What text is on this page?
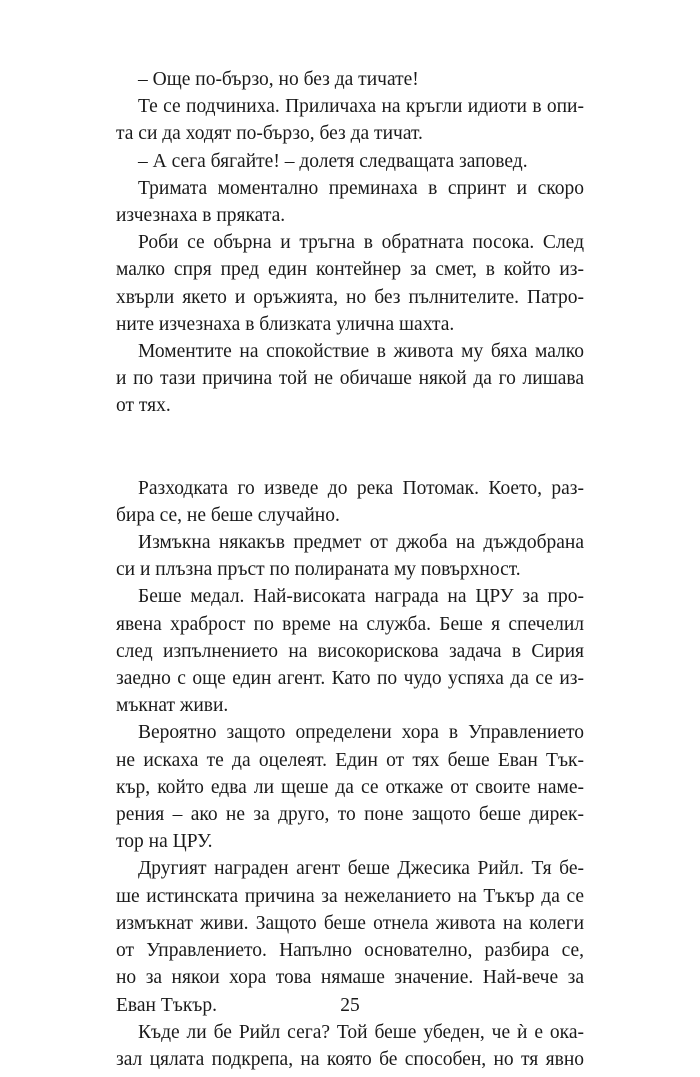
– Още по-бързо, но без да тичате!

Те се подчиниха. Приличаха на кръгли идиоти в опи-
та си да ходят по-бързо, без да тичат.

– А сега бягайте! – долетя следващата заповед.

Тримата моментално преминаха в спринт и скоро
изчезнаха в пряката.

Роби се обърна и тръгна в обратната посока. След
малко спря пред един контейнер за смет, в който из-
хвърли якето и оръжията, но без пълнителите. Патро-
ните изчезнаха в близката улична шахта.

Моментите на спокойствие в живота му бяха малко
и по тази причина той не обичаше някой да го лишава
от тях.

Разходката го изведе до река Потомак. Което, раз-
бира се, не беше случайно.

Измъкна някакъв предмет от джоба на дъждобрана
си и плъзна пръст по полираната му повърхност.

Беше медал. Най-високата награда на ЦРУ за про-
явена храброст по време на служба. Беше я спечелил
след изпълнението на високорискова задача в Сирия
заедно с още един агент. Като по чудо успяха да се из-
мъкнат живи.

Вероятно защото определени хора в Управлението
не искаха те да оцелеят. Един от тях беше Еван Тък-
кър, който едва ли щеше да се откаже от своите наме-
рения – ако не за друго, то поне защото беше дирек-
тор на ЦРУ.

Другият награден агент беше Джесика Рийл. Тя бе-
ше истинската причина за нежеланието на Тъкър да се
измъкнат живи. Защото беше отнела живота на колеги
от Управлението. Напълно основателно, разбира се,
но за някои хора това нямаше значение. Най-вече за
Еван Тъкър.

Къде ли бе Рийл сега? Той беше убеден, че ѝ е ока-
зал цялата подкрепа, на която бе способен, но тя явно

25
